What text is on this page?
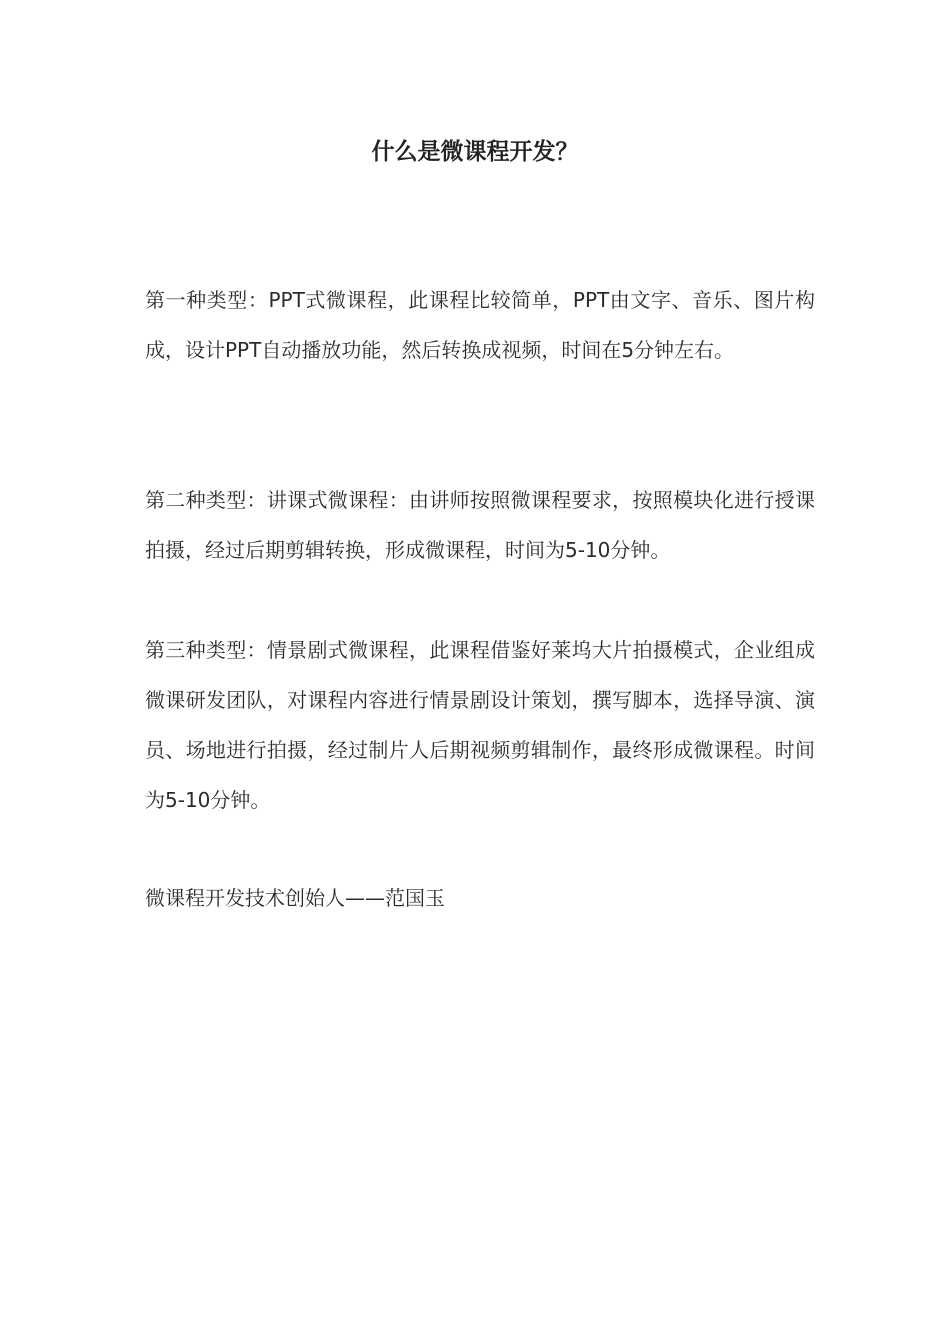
什么是微课程开发？

第一种类型：PPT式微课程，此课程比较简单，PPT由文字、音乐、图片构成，设计PPT自动播放功能，然后转换成视频，时间在5分钟左右。

第二种类型：讲课式微课程：由讲师按照微课程要求，按照模块化进行授课拍摄，经过后期剪辑转换，形成微课程，时间为5-10分钟。

第三种类型：情景剧式微课程，此课程借鉴好莱坞大片拍摄模式，企业组成微课研发团队，对课程内容进行情景剧设计策划，撰写脚本，选择导演、演员、场地进行拍摄，经过制片人后期视频剪辑制作，最终形成微课程。时间为5-10分钟。

微课程开发技术创始人——范国玉
